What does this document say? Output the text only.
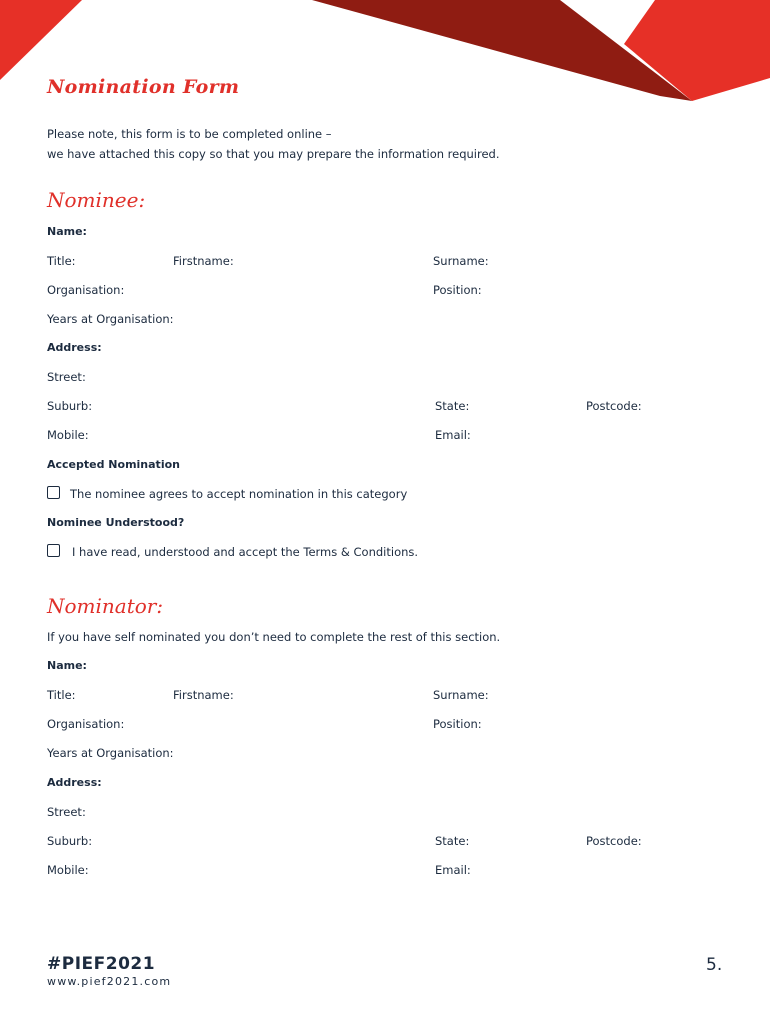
Nomination Form
Please note, this form is to be completed online –
we have attached this copy so that you may prepare the information required.
Nominee:
Name:
Title:	Firstname:	Surname:
Organisation:	Position:
Years at Organisation:
Address:
Street:
Suburb:	State:	Postcode:
Mobile:	Email:
Accepted Nomination
The nominee agrees to accept nomination in this category
Nominee Understood?
I have read, understood and accept the Terms & Conditions.
Nominator:
If you have self nominated you don’t need to complete the rest of this section.
Name:
Title:	Firstname:	Surname:
Organisation:	Position:
Years at Organisation:
Address:
Street:
Suburb:	State:	Postcode:
Mobile:	Email:
#PIEF2021
www.pief2021.com
5.
